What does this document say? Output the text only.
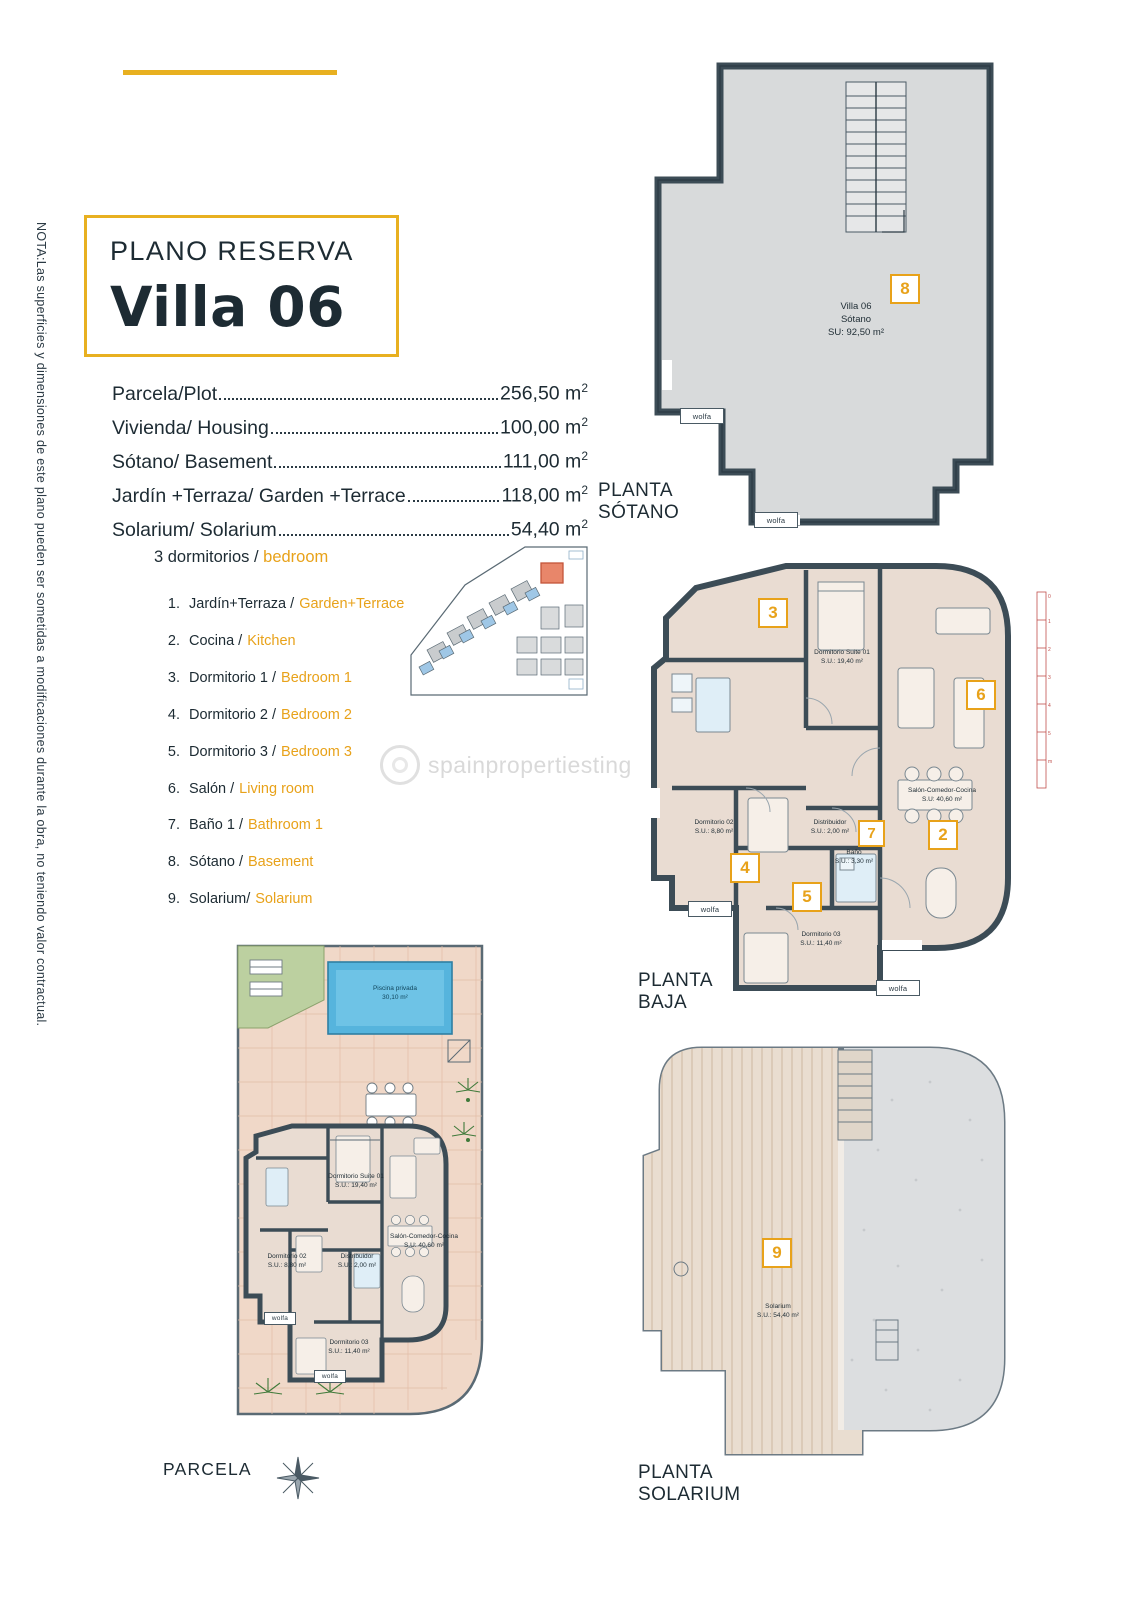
NOTA:Las superficies y dimensiones de este plano pueden ser sometidas a modificaciones durante la obra, no teniendo valor contractual. PLANO RESERVA
Villa 06
Parcela/Plot	256,50 $m^2$
Vivienda/ Housing	100,00 $m^2$
Sótano/ Basement	111,00 $m^2$
Jardín +Terraza/ Garden +Terrace	118,00 $m^2$
Solarium/ Solarium	54,40 $m^2$
3 dormitorios / bedroom
1. Jardín+Terraza / Garden+Terrace
2. Cocina / Kitchen
3. Dormitorio 1 / Bedroom 1
4. Dormitorio 2 / Bedroom 2
5. Dormitorio 3 / Bedroom 3
6. Salón / Living room
7. Baño 1 / Bathroom 1
8. Sótano / Basement
9. Solarium/ Solarium
spainpropertiesting
8
Villa 06
Sótano
SU: 92,50 m²
wolfa
wolfa
PLANTA
SÓTANO
3
6
2
4
5
7
Dormitorio Suite 01
S.U.: 19,40 m²
Salón-Comedor-Cocina
S.U: 40,60 m²
Dormitorio 02
S.U.: 8,80 m²
Distribuidor
S.U.: 2,00 m²
Baño
S.U.: 3,30 m²
Dormitorio 03
S.U.: 11,40 m²
wolfa
wolfa
PLANTA
BAJA
0
1
2
3
4
5
m
9
Solarium
S.U.: 54,40 m²
PLANTA
SOLARIUM
Piscina privada
30,10 m²
Dormitorio Suite 01
S.U.: 19,40 m²
Salón-Comedor-Cocina
S.U: 40,60 m²
Dormitorio 02
S.U.: 8,80 m²
Distribuidor
S.U.: 2,00 m²
Dormitorio 03
S.U.: 11,40 m²
wolfa
wolfa
PARCELA
